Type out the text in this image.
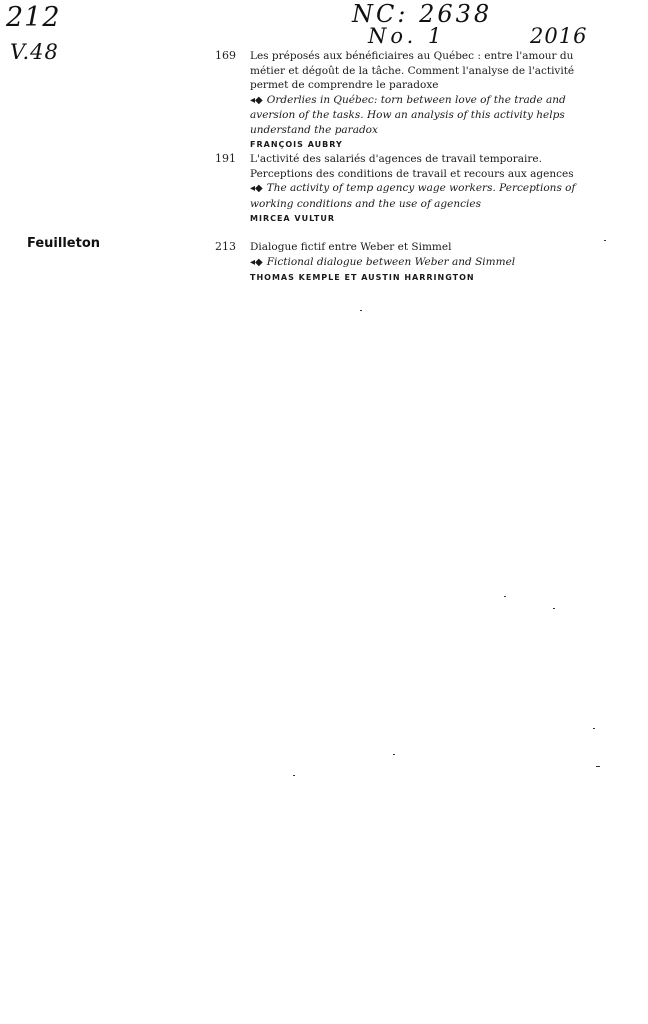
212
V.48
NC: 2638
No. 1	2016
Feuilleton
169 Les préposés aux bénéficiaires au Québec : entre l'amour du métier et dégoût de la tâche. Comment l'analyse de l'activité permet de comprendre le paradoxe
◂◆ Orderlies in Québec: torn between love of the trade and aversion of the tasks. How an analysis of this activity helps understand the paradox
FRANÇOIS AUBRY
191 L'activité des salariés d'agences de travail temporaire. Perceptions des conditions de travail et recours aux agences
◂◆ The activity of temp agency wage workers. Perceptions of working conditions and the use of agencies
MIRCEA VULTUR
213 Dialogue fictif entre Weber et Simmel
◂◆ Fictional dialogue between Weber and Simmel
THOMAS KEMPLE ET AUSTIN HARRINGTON
